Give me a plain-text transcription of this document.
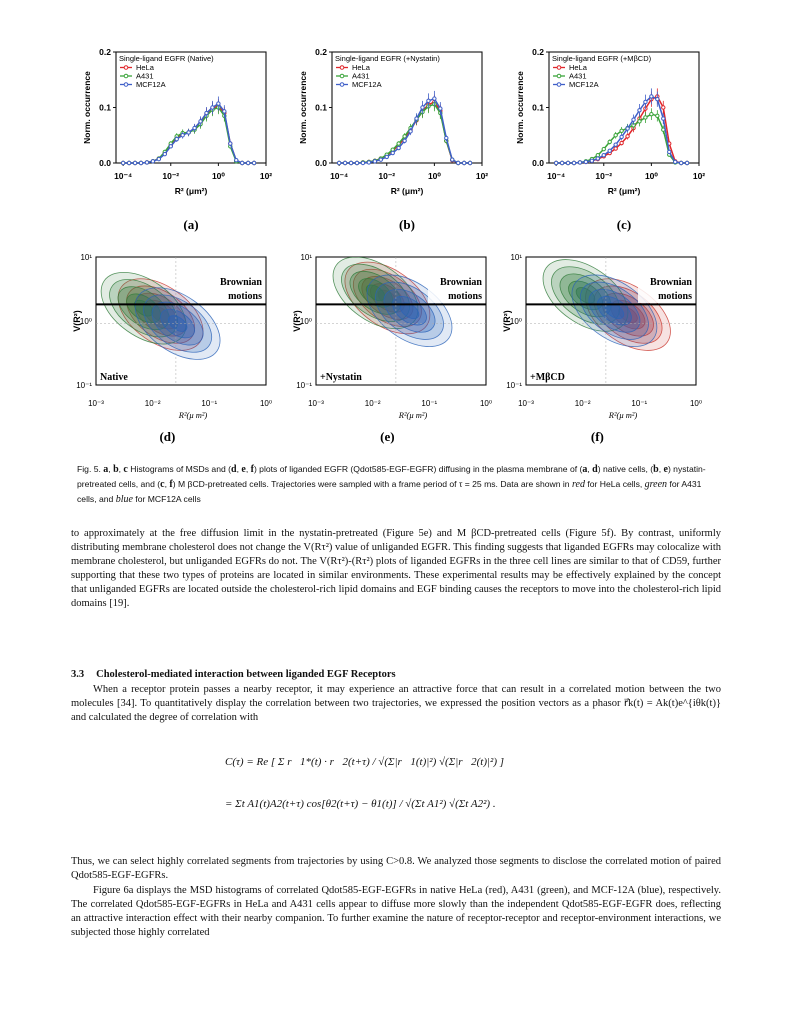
0.0
0.1
0.2
10⁻⁴	10⁻²	10⁰	10²
R² (μm²)
Norm. occurrence
Single-ligand EGFR (Native)
HeLa
A431
MCF12A
(a)
0.0
0.1
0.2
10⁻⁴	10⁻²	10⁰	10²
R² (μm²)
Norm. occurrence
Single-ligand EGFR (+Nystatin)
HeLa
A431
MCF12A
(b)
0.0
0.1
0.2
10⁻⁴	10⁻²	10⁰	10²
R² (μm²)
Norm. occurrence
Single-ligand EGFR (+MβCD)
HeLa
A431
MCF12A
(c)
Brownian
motions
Native
10⁻¹
10⁰
10¹
10⁻³	10⁻²	10⁻¹	10⁰
R²(μ m²)
V(R²)
(d)
Brownian
motions
+Nystatin
10⁻¹
10⁰
10¹
10⁻³	10⁻²	10⁻¹	10⁰
R²(μ m²)
V(R²)
(e)
Brownian
motions
+MβCD
10⁻¹
10⁰
10¹
10⁻³	10⁻²	10⁻¹	10⁰
R²(μ m²)
V(R²)
(f)
Fig. 5. a, b, c Histograms of MSDs and (d, e, f) plots of liganded EGFR (Qdot585-EGF-EGFR) diffusing in the plasma membrane of (a, d) native cells, (b, e) nystatin-pretreated cells, and (c, f) M βCD-pretreated cells. Trajectories were sampled with a frame period of τ = 25 ms. Data are shown in red for HeLa cells, green for A431 cells, and blue for MCF12A cells
to approximately at the free diffusion limit in the nystatin-pretreated (Figure 5e) and M βCD-pretreated cells (Figure 5f). By contrast, uniformly distributing membrane cholesterol does not change the V(Rτ²) value of unliganded EGFR. This finding suggests that liganded EGFRs may colocalize with membrane cholesterol, but unliganded EGFRs do not. The V(Rτ²)-(Rτ²) plots of liganded EGFRs in the three cell lines are similar to that of CD59, further supporting that these two types of proteins are located in similar environments. These experimental results may be effectively explained by the concept that unliganded EGFRs are located outside the cholesterol-rich lipid domains and EGF binding causes the receptors to move into the cholesterol-rich lipid domains [19].
3.3 Cholesterol-mediated interaction between liganded EGF Receptors
When a receptor protein passes a nearby receptor, it may experience an attractive force that can result in a correlated motion between the two molecules [34]. To quantitatively display the correlation between two trajectories, we expressed the position vectors as a phasor r⃗k(t) = Ak(t)e^{iθk(t)} and calculated the degree of correlation with
C(τ) = Re [ Σ r⃗1*(t) · r⃗2(t+τ) / √(Σ|r⃗1(t)|²) √(Σ|r⃗2(t)|²) ]
= Σt A1(t)A2(t+τ) cos[θ2(t+τ) − θ1(t)] / √(Σt A1²) √(Σt A2²) .
Thus, we can select highly correlated segments from trajectories by using C>0.8. We analyzed those segments to disclose the correlated motion of paired Qdot585-EGF-EGFRs.
Figure 6a displays the MSD histograms of correlated Qdot585-EGF-EGFRs in native HeLa (red), A431 (green), and MCF-12A (blue), respectively. The correlated Qdot585-EGF-EGFRs in HeLa and A431 cells appear to diffuse more slowly than the independent Qdot585-EGF-EGFR does, reflecting an attractive interaction effect with their nearby companion. To further examine the nature of receptor-receptor and receptor-environment interactions, we subjected those highly correlated
